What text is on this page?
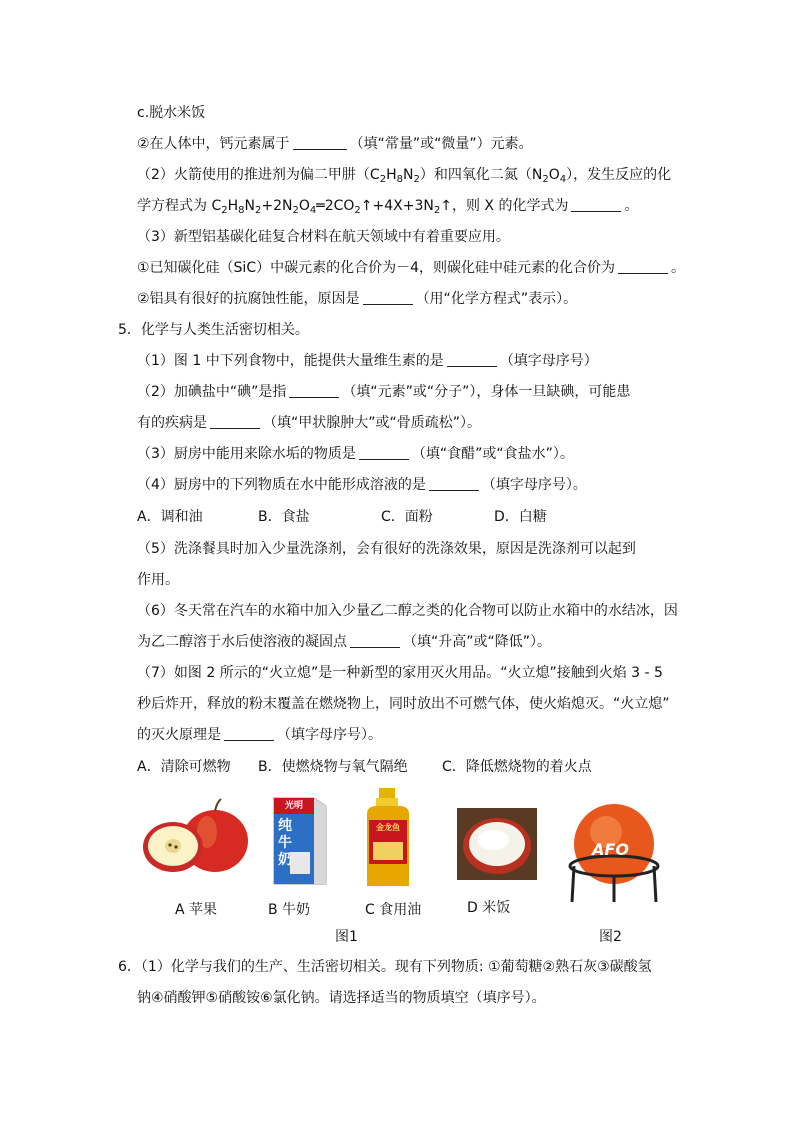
c.脱水米饭
②在人体中，钙元素属于	（填“常量”或“微量”）元素。
（2）火箭使用的推进剂为偏二甲肼$(C_2H_8N_2)$和四氧化二氮$(N_2O_4)$，发生反应的化
学方程式为 $C_2H_8N_2+2N_2O_4═2CO_2↑+4X+3N_2↑$，则 X 的化学式为	。
（3）新型铝基碳化硅复合材料在航天领域中有着重要应用。
①已知碳化硅（SiC）中碳元素的化合价为－4，则碳化硅中硅元素的化合价为	。
②铝具有很好的抗腐蚀性能，原因是	（用“化学方程式”表示）。
5．化学与人类生活密切相关。
（1）图 1 中下列食物中，能提供大量维生素的是	（填字母序号）
（2）加碘盐中“碘”是指	（填“元素”或“分子”），身体一旦缺碘，可能患
有的疾病是	（填“甲状腺肿大”或“骨质疏松”）。
（3）厨房中能用来除水垢的物质是	（填“食醋”或“食盐水”）。
（4）厨房中的下列物质在水中能形成溶液的是	（填字母序号）。
A．调和油	B．食盐	C．面粉	D．白糖
（5）洗涤餐具时加入少量洗涤剂，会有很好的洗涤效果，原因是洗涤剂可以起到
作用。
（6）冬天常在汽车的水箱中加入少量乙二醇之类的化合物可以防止水箱中的水结冰，因
为乙二醇溶于水后使溶液的凝固点	（填“升高”或“降低”）。
（7）如图 2 所示的“火立熄”是一种新型的家用灭火用品。“火立熄”接触到火焰 3 - 5
秒后炸开，释放的粉末覆盖在燃烧物上，同时放出不可燃气体，使火焰熄灭。“火立熄”
的灭火原理是	（填字母序号）。
A．清除可燃物 B．使燃烧物与氧气隔绝 C．降低燃烧物的着火点
光明
纯
牛
奶
金龙鱼
AFO
A 苹果	B 牛奶	C 食用油	D 米饭
图1	图2
6．（1）化学与我们的生产、生活密切相关。现有下列物质: ①葡萄糖②熟石灰③碳酸氢
钠④硝酸钾⑤硝酸铵⑥氯化钠。请选择适当的物质填空（填序号）。
